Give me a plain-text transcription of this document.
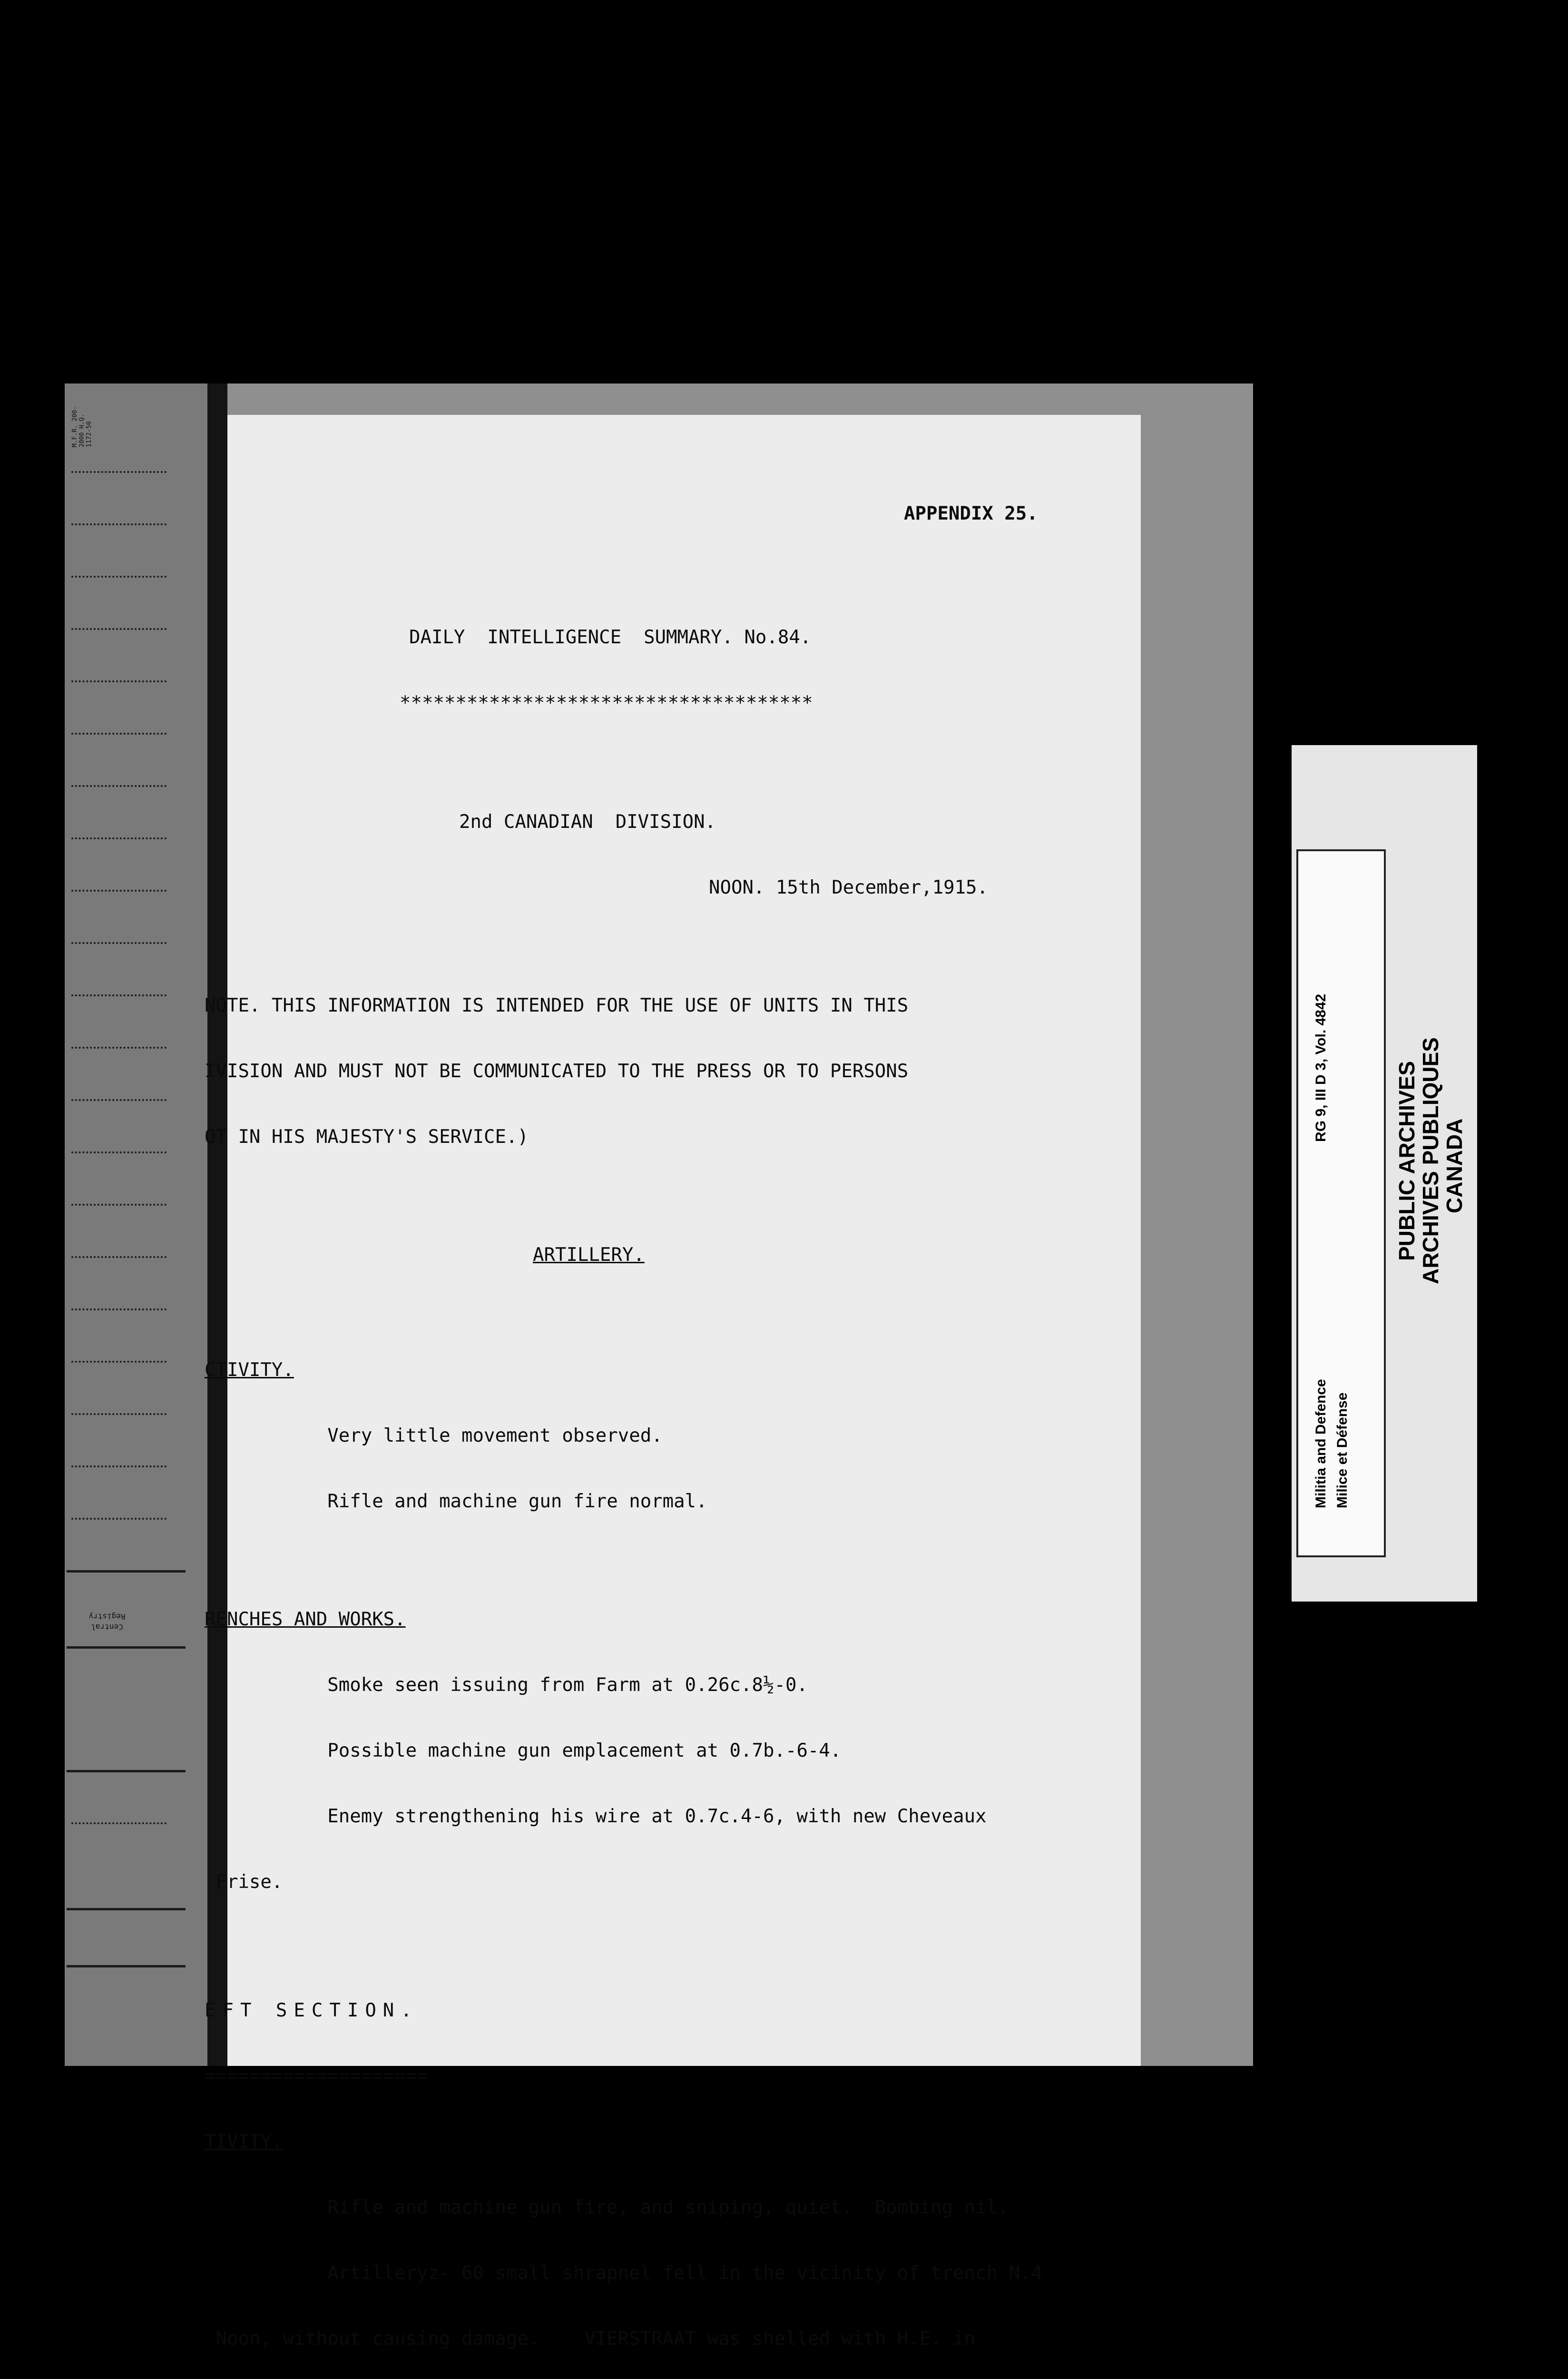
Central Registry
M.F.R. 200-2000 H.Q. 1172-50

APPENDIX 25.

DAILY  INTELLIGENCE  SUMMARY. No.84.

*************************************

2nd CANADIAN  DIVISION.

NOON. 15th December,1915.

NOTE. THIS INFORMATION IS INTENDED FOR THE USE OF UNITS IN THIS

IVISION AND MUST NOT BE COMMUNICATED TO THE PRESS OR TO PERSONS

OT IN HIS MAJESTY'S SERVICE.)

ARTILLERY.

CTIVITY.

Very little movement observed.

Rifle and machine gun fire normal.

RENCHES AND WORKS.

Smoke seen issuing from Farm at 0.26c.8½-0.

Possible machine gun emplacement at 0.7b.-6-4.

Enemy strengthening his wire at 0.7c.4-6, with new Cheveaux

Frise.

EFT SECTION.

====================

TIVITY.

Rifle and machine gun fire, and sniping, quiet.  Bombing nil.

Artilleryz- 60 small shrapnel fell in the vicinity of trench N.4

Noon, without causing damage.    VIERSTRAAT was shelled with H.E. in

RG 9, III D 3, Vol. 4842
Militia and Defence Milice et Défense
PUBLIC ARCHIVES
ARCHIVES PUBLIQUES
CANADA
